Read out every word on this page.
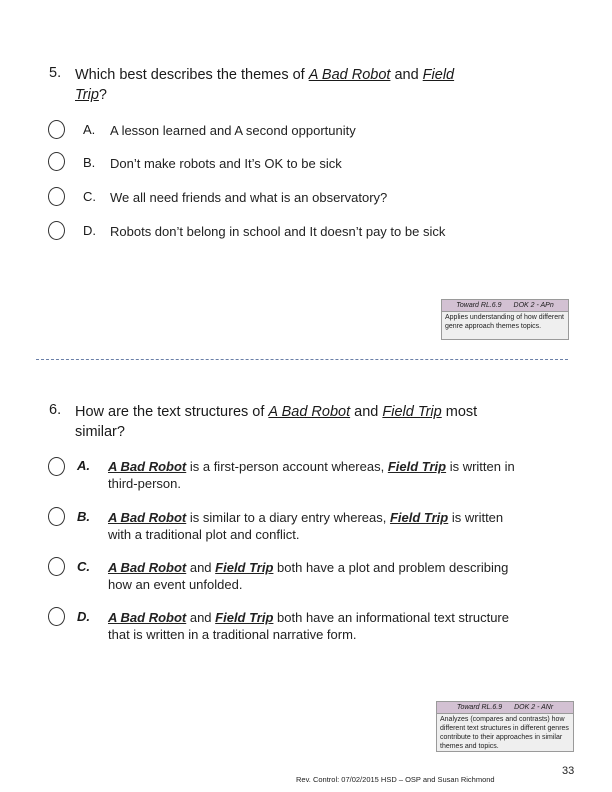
5. Which best describes the themes of A Bad Robot and Field
Trip?
A. A lesson learned and A second opportunity
B. Don’t make robots and It’s OK to be sick
C. We all need friends and what is an observatory?
D. Robots don’t belong in school and It doesn’t pay to be sick
Toward RL.6.9 DOK 2 - APn
Applies understanding of how different genre approach themes topics.
6. How are the text structures of A Bad Robot and Field Trip most
similar?
A. A Bad Robot is a first-person account whereas, Field Trip is written in
third-person.
B. A Bad Robot is similar to a diary entry whereas, Field Trip is written
with a traditional plot and conflict.
C. A Bad Robot and Field Trip both have a plot and problem describing
how an event unfolded.
D. A Bad Robot and Field Trip both have an informational text structure
that is written in a traditional narrative form.
Toward RL.6.9 DOK 2 - ANr
Analyzes (compares and contrasts) how different text structures in different genres contribute to their approaches in similar themes and topics.
Rev. Control: 07/02/2015 HSD – OSP and Susan Richmond
33
